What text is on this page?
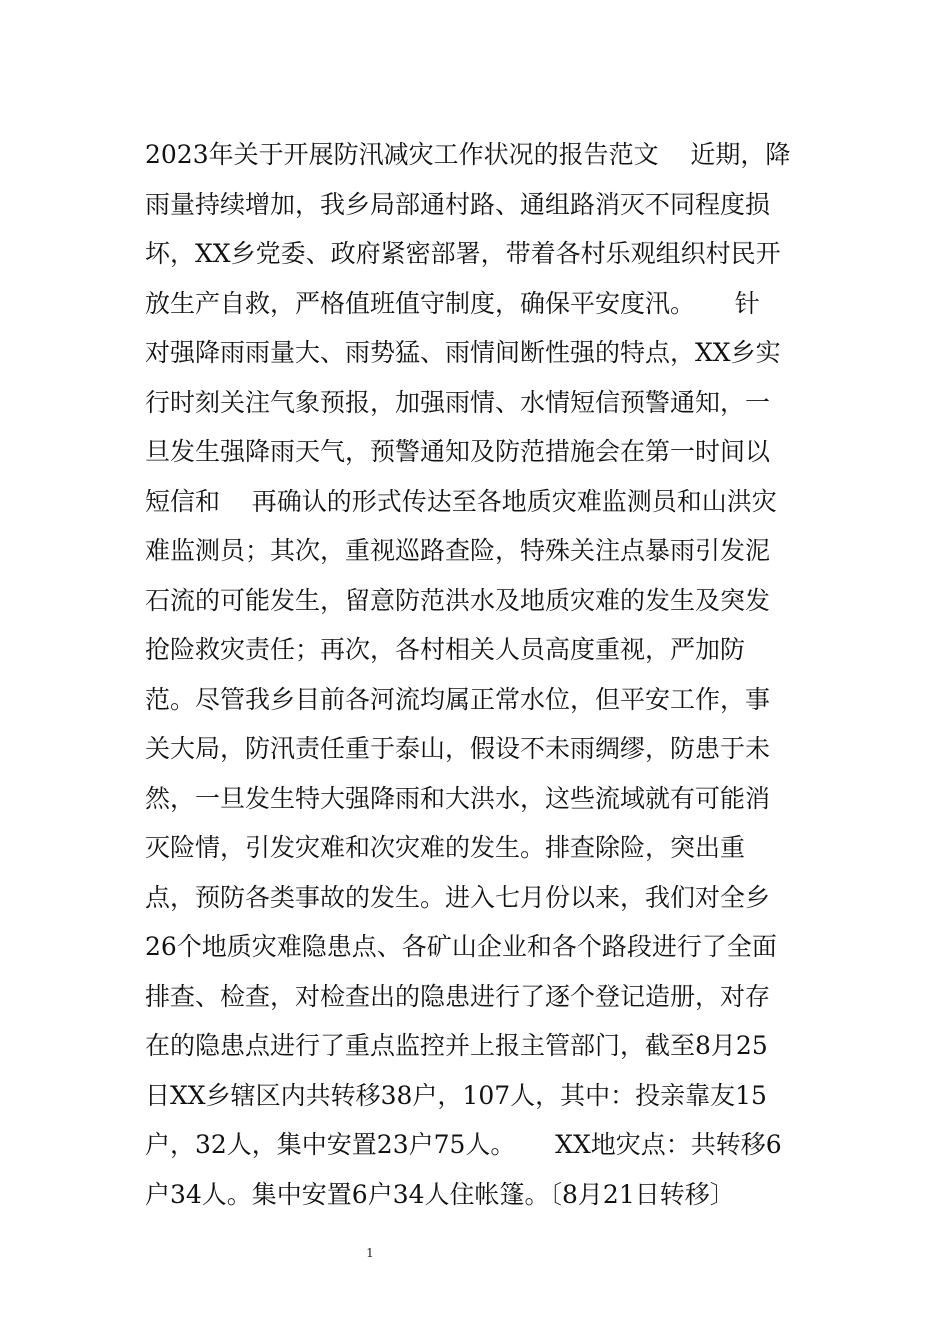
2023年关于开展防汛减灾工作状况的报告范文    近期，降
雨量持续增加，我乡局部通村路、通组路消灭不同程度损
坏，XX乡党委、政府紧密部署，带着各村乐观组织村民开
放生产自救，严格值班值守制度，确保平安度汛。     针
对强降雨雨量大、雨势猛、雨情间断性强的特点，XX乡实
行时刻关注气象预报，加强雨情、水情短信预警通知，一
旦发生强降雨天气，预警通知及防范措施会在第一时间以
短信和    再确认的形式传达至各地质灾难监测员和山洪灾
难监测员；其次，重视巡路查险，特殊关注点暴雨引发泥
石流的可能发生，留意防范洪水及地质灾难的发生及突发
抢险救灾责任；再次，各村相关人员高度重视，严加防
范。尽管我乡目前各河流均属正常水位，但平安工作，事
关大局，防汛责任重于泰山，假设不未雨绸缪，防患于未
然，一旦发生特大强降雨和大洪水，这些流域就有可能消
灭险情，引发灾难和次灾难的发生。排查除险，突出重
点，预防各类事故的发生。进入七月份以来，我们对全乡
26个地质灾难隐患点、各矿山企业和各个路段进行了全面
排查、检查，对检查出的隐患进行了逐个登记造册，对存
在的隐患点进行了重点监控并上报主管部门，截至8月25
日XX乡辖区内共转移38户，107人，其中：投亲靠友15
户，32人，集中安置23户75人。     XX地灾点：共转移6
户34人。集中安置6户34人住帐篷。〔8月21日转移〕
1
